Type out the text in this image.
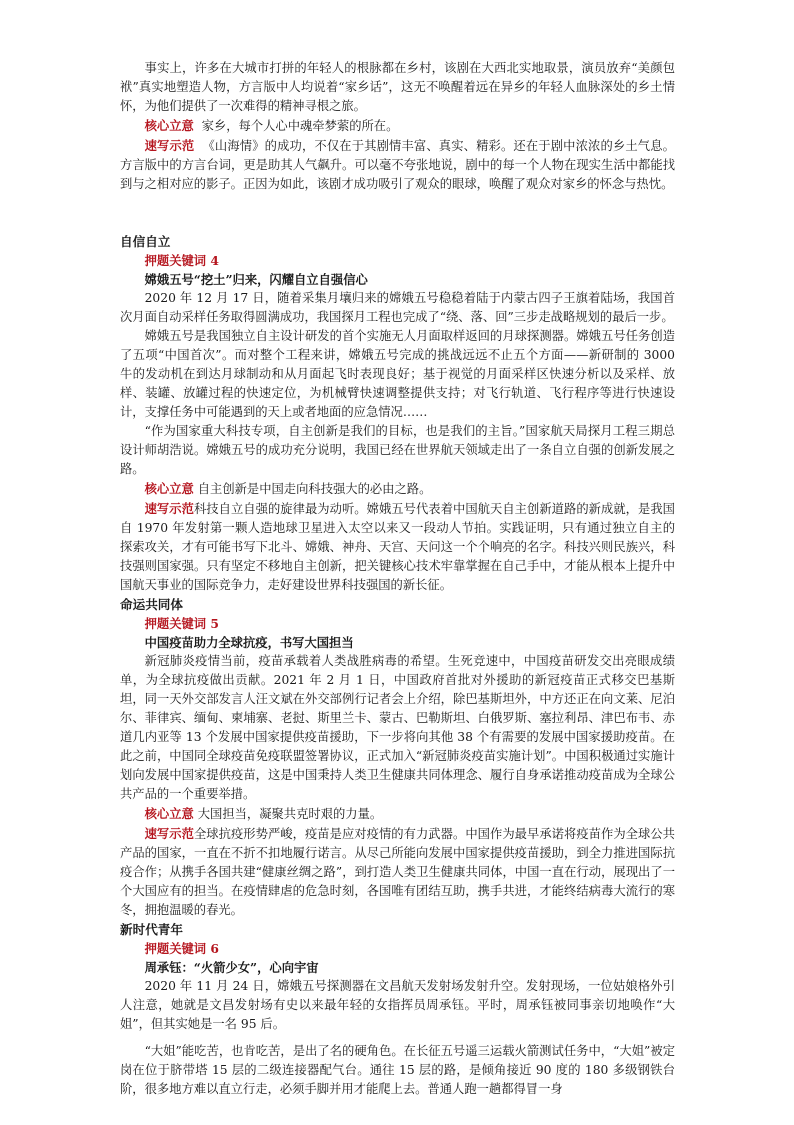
事实上，许多在大城市打拼的年轻人的根脉都在乡村，该剧在大西北实地取景，演员放弃“美颜包袱”真实地塑造人物，方言版中人均说着“家乡话”，这无不唤醒着远在异乡的年轻人血脉深处的乡土情怀，为他们提供了一次难得的精神寻根之旅。

核心立意 家乡，每个人心中魂牵梦萦的所在。

速写示范 《山海情》的成功，不仅在于其剧情丰富、真实、精彩。还在于剧中浓浓的乡土气息。方言版中的方言台词，更是助其人气飙升。可以毫不夸张地说，剧中的每一个人物在现实生活中都能找到与之相对应的影子。正因为如此，该剧才成功吸引了观众的眼球，唤醒了观众对家乡的怀念与热忱。

自信自立

押题关键词 4

嫦娥五号“挖土”归来，闪耀自立自强信心

2020 年 12 月 17 日，随着采集月壤归来的嫦娥五号稳稳着陆于内蒙古四子王旗着陆场，我国首次月面自动采样任务取得圆满成功，我国探月工程也完成了“绕、落、回”三步走战略规划的最后一步。

嫦娥五号是我国独立自主设计研发的首个实施无人月面取样返回的月球探测器。嫦娥五号任务创造了五项“中国首次”。而对整个工程来讲，嫦娥五号完成的挑战远远不止五个方面——新研制的 3000 牛的发动机在到达月球制动和从月面起飞时表现良好；基于视觉的月面采样区快速分析以及采样、放样、装罐、放罐过程的快速定位，为机械臂快速调整提供支持；对飞行轨道、飞行程序等进行快速设计，支撑任务中可能遇到的天上或者地面的应急情况……

“作为国家重大科技专项，自主创新是我们的目标，也是我们的主旨。”国家航天局探月工程三期总设计师胡浩说。嫦娥五号的成功充分说明，我国已经在世界航天领域走出了一条自立自强的创新发展之路。

核心立意 自主创新是中国走向科技强大的必由之路。

速写示范科技自立自强的旋律最为动听。嫦娥五号代表着中国航天自主创新道路的新成就，是我国自 1970 年发射第一颗人造地球卫星进入太空以来又一段动人节拍。实践证明，只有通过独立自主的探索攻关，才有可能书写下北斗、嫦娥、神舟、天宫、天问这一个个响亮的名字。科技兴则民族兴，科技强则国家强。只有坚定不移地自主创新，把关键核心技术牢靠掌握在自己手中，才能从根本上提升中国航天事业的国际竞争力，走好建设世界科技强国的新长征。

命运共同体

押题关键词 5

中国疫苗助力全球抗疫，书写大国担当

新冠肺炎疫情当前，疫苗承载着人类战胜病毒的希望。生死竞速中，中国疫苗研发交出亮眼成绩单，为全球抗疫做出贡献。2021 年 2 月 1 日，中国政府首批对外援助的新冠疫苗正式移交巴基斯坦，同一天外交部发言人汪文斌在外交部例行记者会上介绍，除巴基斯坦外，中方还正在向文莱、尼泊尔、菲律宾、缅甸、柬埔寨、老挝、斯里兰卡、蒙古、巴勒斯坦、白俄罗斯、塞拉利昂、津巴布韦、赤道几内亚等 13 个发展中国家提供疫苗援助，下一步将向其他 38 个有需要的发展中国家援助疫苗。在此之前，中国同全球疫苗免疫联盟签署协议，正式加入“新冠肺炎疫苗实施计划”。中国积极通过实施计划向发展中国家提供疫苗，这是中国秉持人类卫生健康共同体理念、履行自身承诺推动疫苗成为全球公共产品的一个重要举措。

核心立意 大国担当，凝聚共克时艰的力量。

速写示范全球抗疫形势严峻，疫苗是应对疫情的有力武器。中国作为最早承诺将疫苗作为全球公共产品的国家，一直在不折不扣地履行诺言。从尽己所能向发展中国家提供疫苗援助，到全力推进国际抗疫合作；从携手各国共建“健康丝绸之路”，到打造人类卫生健康共同体，中国一直在行动，展现出了一个大国应有的担当。在疫情肆虐的危急时刻，各国唯有团结互助，携手共进，才能终结病毒大流行的寒冬，拥抱温暖的春光。

新时代青年

押题关键词 6

周承钰：“火箭少女”，心向宇宙

2020 年 11 月 24 日，嫦娥五号探测器在文昌航天发射场发射升空。发射现场，一位姑娘格外引人注意，她就是文昌发射场有史以来最年轻的女指挥员周承钰。平时，周承钰被同事亲切地唤作“大姐”，但其实她是一名 95 后。

“大姐”能吃苦，也肯吃苦，是出了名的硬角色。在长征五号遥三运载火箭测试任务中，“大姐”被定岗在位于脐带塔 15 层的二级连接器配气台。通往 15 层的路，是倾角接近 90 度的 180 多级钢铁台阶，很多地方难以直立行走，必须手脚并用才能爬上去。普通人跑一趟都得冒一身
